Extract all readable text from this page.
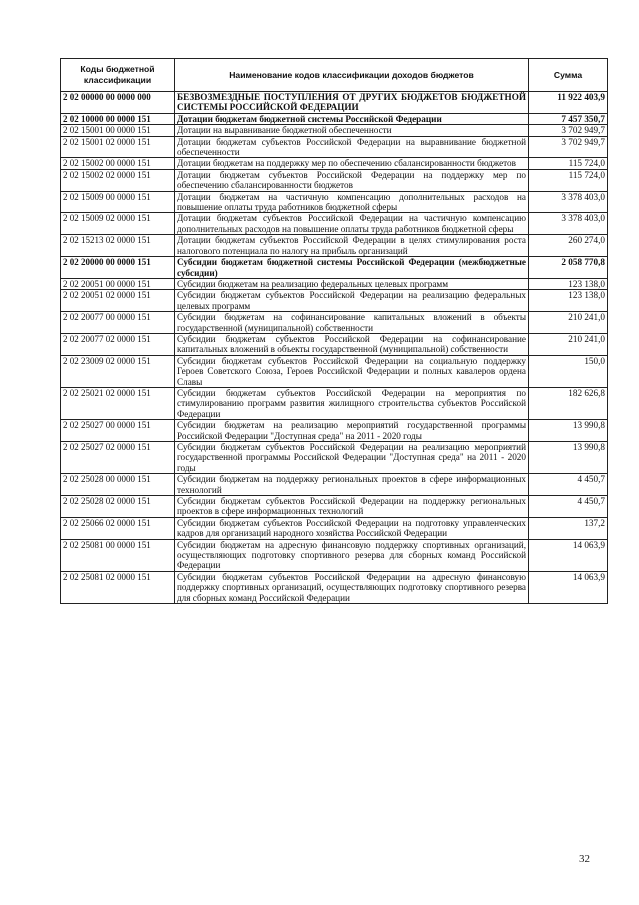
Коды бюджетной классификации	Наименование кодов классификации доходов бюджетов	Сумма
2 02 00000 00 0000 000	БЕЗВОЗМЕЗДНЫЕ ПОСТУПЛЕНИЯ ОТ ДРУГИХ БЮДЖЕТОВ БЮДЖЕТНОЙ СИСТЕМЫ РОССИЙСКОЙ ФЕДЕРАЦИИ	11 922 403,9
2 02 10000 00 0000 151	Дотации бюджетам бюджетной системы Российской Федерации	7 457 350,7
2 02 15001 00 0000 151	Дотации на выравнивание бюджетной обеспеченности	3 702 949,7
2 02 15001 02 0000 151	Дотации бюджетам субъектов Российской Федерации на выравнивание бюджетной обеспеченности	3 702 949,7
2 02 15002 00 0000 151	Дотации бюджетам на поддержку мер по обеспечению сбалансированности бюджетов	115 724,0
2 02 15002 02 0000 151	Дотации бюджетам субъектов Российской Федерации на поддержку мер по обеспечению сбалансированности бюджетов	115 724,0
2 02 15009 00 0000 151	Дотации бюджетам на частичную компенсацию дополнительных расходов на повышение оплаты труда работников бюджетной сферы	3 378 403,0
2 02 15009 02 0000 151	Дотации бюджетам субъектов Российской Федерации на частичную компенсацию дополнительных расходов на повышение оплаты труда работников бюджетной сферы	3 378 403,0
2 02 15213 02 0000 151	Дотации бюджетам субъектов Российской Федерации в целях стимулирования роста налогового потенциала по налогу на прибыль организаций	260 274,0
2 02 20000 00 0000 151	Субсидии бюджетам бюджетной системы Российской Федерации (межбюджетные субсидии)	2 058 770,8
2 02 20051 00 0000 151	Субсидии бюджетам на реализацию федеральных целевых программ	123 138,0
2 02 20051 02 0000 151	Субсидии бюджетам субъектов Российской Федерации на реализацию федеральных целевых программ	123 138,0
2 02 20077 00 0000 151	Субсидии бюджетам на софинансирование капитальных вложений в объекты государственной (муниципальной) собственности	210 241,0
2 02 20077 02 0000 151	Субсидии бюджетам субъектов Российской Федерации на софинансирование капитальных вложений в объекты государственной (муниципальной) собственности	210 241,0
2 02 23009 02 0000 151	Субсидии бюджетам субъектов Российской Федерации на социальную поддержку Героев Советского Союза, Героев Российской Федерации и полных кавалеров ордена Славы	150,0
2 02 25021 02 0000 151	Субсидии бюджетам субъектов Российской Федерации на мероприятия по стимулированию программ развития жилищного строительства субъектов Российской Федерации	182 626,8
2 02 25027 00 0000 151	Субсидии бюджетам на реализацию мероприятий государственной программы Российской Федерации "Доступная среда" на 2011 - 2020 годы	13 990,8
2 02 25027 02 0000 151	Субсидии бюджетам субъектов Российской Федерации на реализацию мероприятий государственной программы Российской Федерации "Доступная среда" на 2011 - 2020 годы	13 990,8
2 02 25028 00 0000 151	Субсидии бюджетам на поддержку региональных проектов в сфере информационных технологий	4 450,7
2 02 25028 02 0000 151	Субсидии бюджетам субъектов Российской Федерации на поддержку региональных проектов в сфере информационных технологий	4 450,7
2 02 25066 02 0000 151	Субсидии бюджетам субъектов Российской Федерации на подготовку управленческих кадров для организаций народного хозяйства Российской Федерации	137,2
2 02 25081 00 0000 151	Субсидии бюджетам на адресную финансовую поддержку спортивных организаций, осуществляющих подготовку спортивного резерва для сборных команд Российской Федерации	14 063,9
2 02 25081 02 0000 151	Субсидии бюджетам субъектов Российской Федерации на адресную финансовую поддержку спортивных организаций, осуществляющих подготовку спортивного резерва для сборных команд Российской Федерации	14 063,9
32
